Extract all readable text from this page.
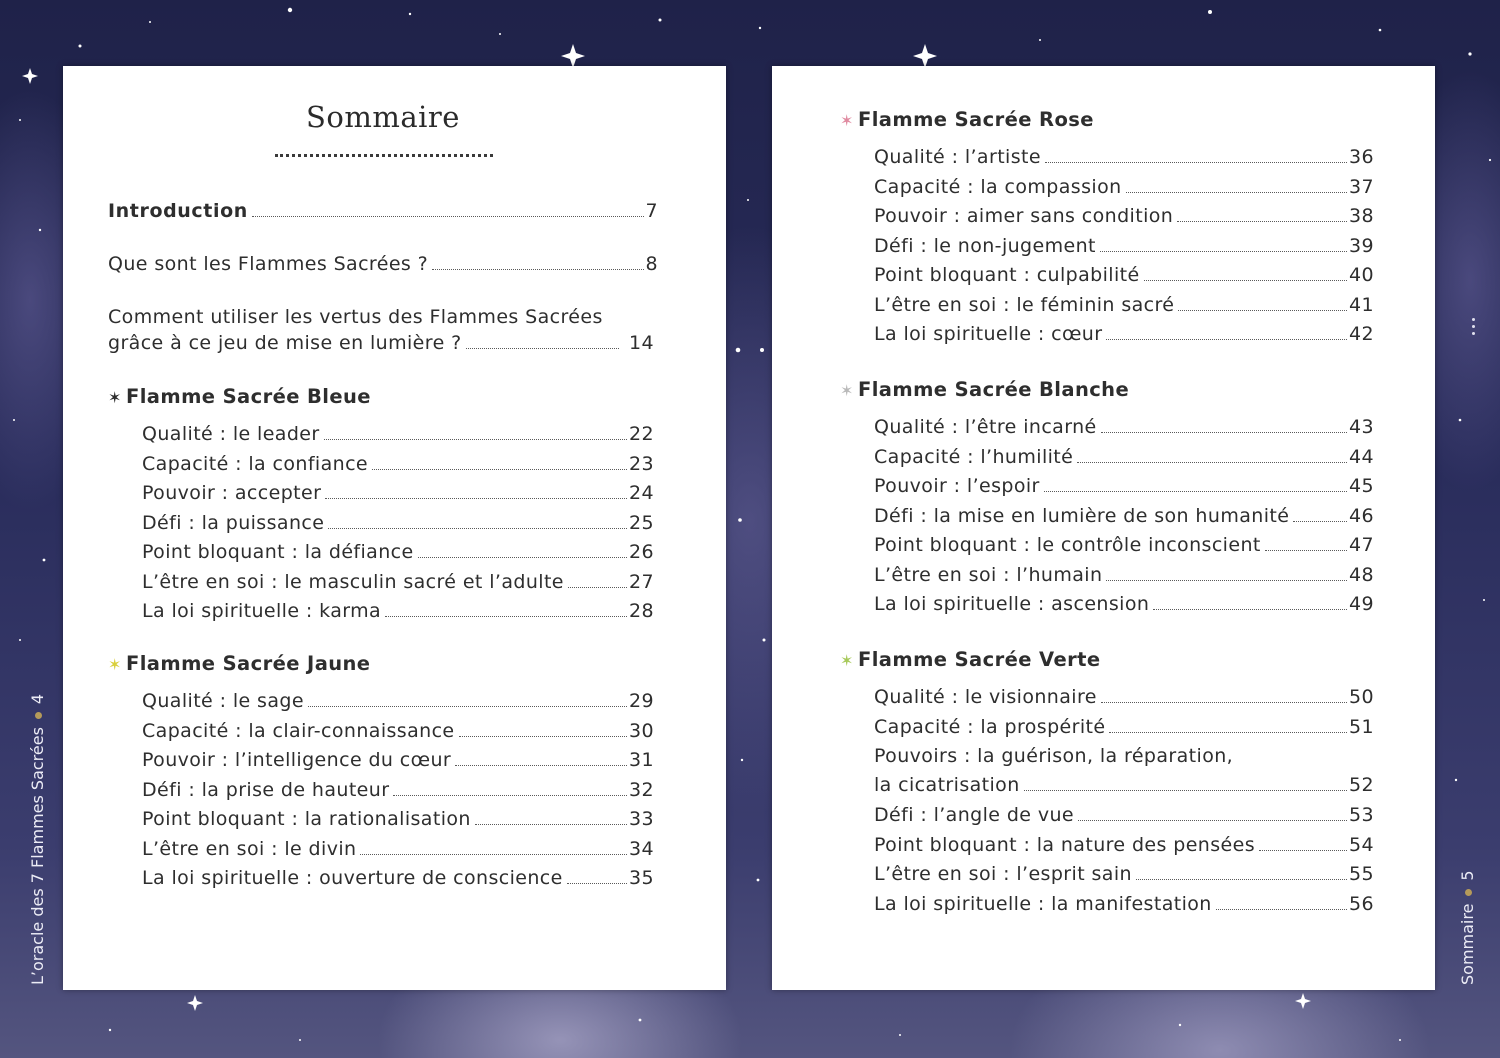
Sommaire
Introduction	7
Que sont les Flammes Sacrées ?	8
Comment utiliser les vertus des Flammes Sacrées
grâce à ce jeu de mise en lumière ?	14
✶ Flamme Sacrée Bleue
Qualité : le leader	22
Capacité : la confiance	23
Pouvoir : accepter	24
Défi : la puissance	25
Point bloquant : la défiance	26
L’être en soi : le masculin sacré et l’adulte	27
La loi spirituelle : karma	28
✶ Flamme Sacrée Jaune
Qualité : le sage	29
Capacité : la clair-connaissance	30
Pouvoir : l’intelligence du cœur	31
Défi : la prise de hauteur	32
Point bloquant : la rationalisation	33
L’être en soi : le divin	34
La loi spirituelle : ouverture de conscience	35
✶ Flamme Sacrée Rose
Qualité : l’artiste	36
Capacité : la compassion	37
Pouvoir : aimer sans condition	38
Défi : le non-jugement	39
Point bloquant : culpabilité	40
L’être en soi : le féminin sacré	41
La loi spirituelle : cœur	42
✶ Flamme Sacrée Blanche
Qualité : l’être incarné	43
Capacité : l’humilité	44
Pouvoir : l’espoir	45
Défi : la mise en lumière de son humanité	46
Point bloquant : le contrôle inconscient	47
L’être en soi : l’humain	48
La loi spirituelle : ascension	49
✶ Flamme Sacrée Verte
Qualité : le visionnaire	50
Capacité : la prospérité	51
Pouvoirs : la guérison, la réparation,
la cicatrisation	52
Défi : l’angle de vue	53
Point bloquant : la nature des pensées	54
L’être en soi : l’esprit sain	55
La loi spirituelle : la manifestation	56
L’oracle des 7 Flammes Sacrées4
Sommaire5
